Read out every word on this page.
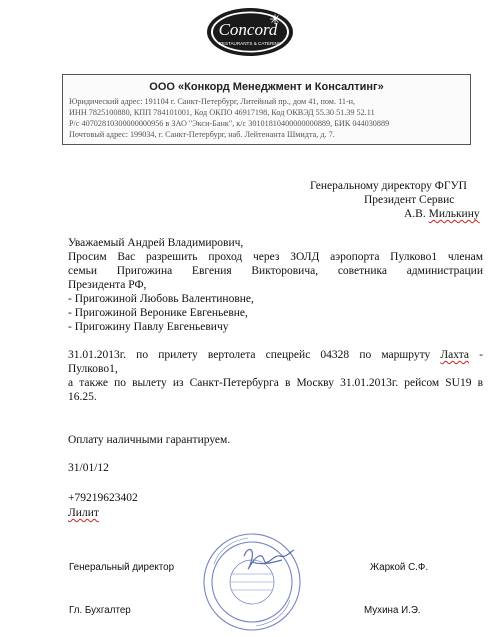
Concord
RESTAURANTS & CATERING
ООО «Конкорд Менеджмент и Консалтинг»
Юридический адрес: 191104 г. Санкт-Петербург, Литейный пр., дом 41, пом. 11-н,
ИНН 7825100880, КПП 784101001, Код ОКПО 46917198, Код ОКВЭД 55.30 51.39 52.11
Р/с 40702810300000000956 в ЗАО "Экси-Банк", к/с 30101810400000000889, БИК 044030889
Почтовый адрес: 199034, г. Санкт-Петербург, наб. Лейтенанта Шмидта, д. 7.
Генеральному директору ФГУП
Президент Сервис
А.В. Милькину
Уважаемый Андрей Владимирович,
Просим Вас разрешить проход через ЗОЛД аэропорта Пулково1 членам
семьи Пригожина Евгения Викторовича, советника администрации
Президента РФ,
- Пригожиной Любовь Валентиновне,
- Пригожиной Веронике Евгеньевне,
- Пригожину Павлу Евгеньевичу
31.01.2013г. по прилету вертолета спецрейс 04328 по маршруту Лахта -
Пулково1,
а также по вылету из Санкт-Петербурга в Москву 31.01.2013г. рейсом SU19 в
16.25.
Оплату наличными гарантируем.
31/01/12
+79219623402
Лилит
Генеральный директор	Жаркой С.Ф.
Гл. Бухгалтер	Мухина И.Э.
